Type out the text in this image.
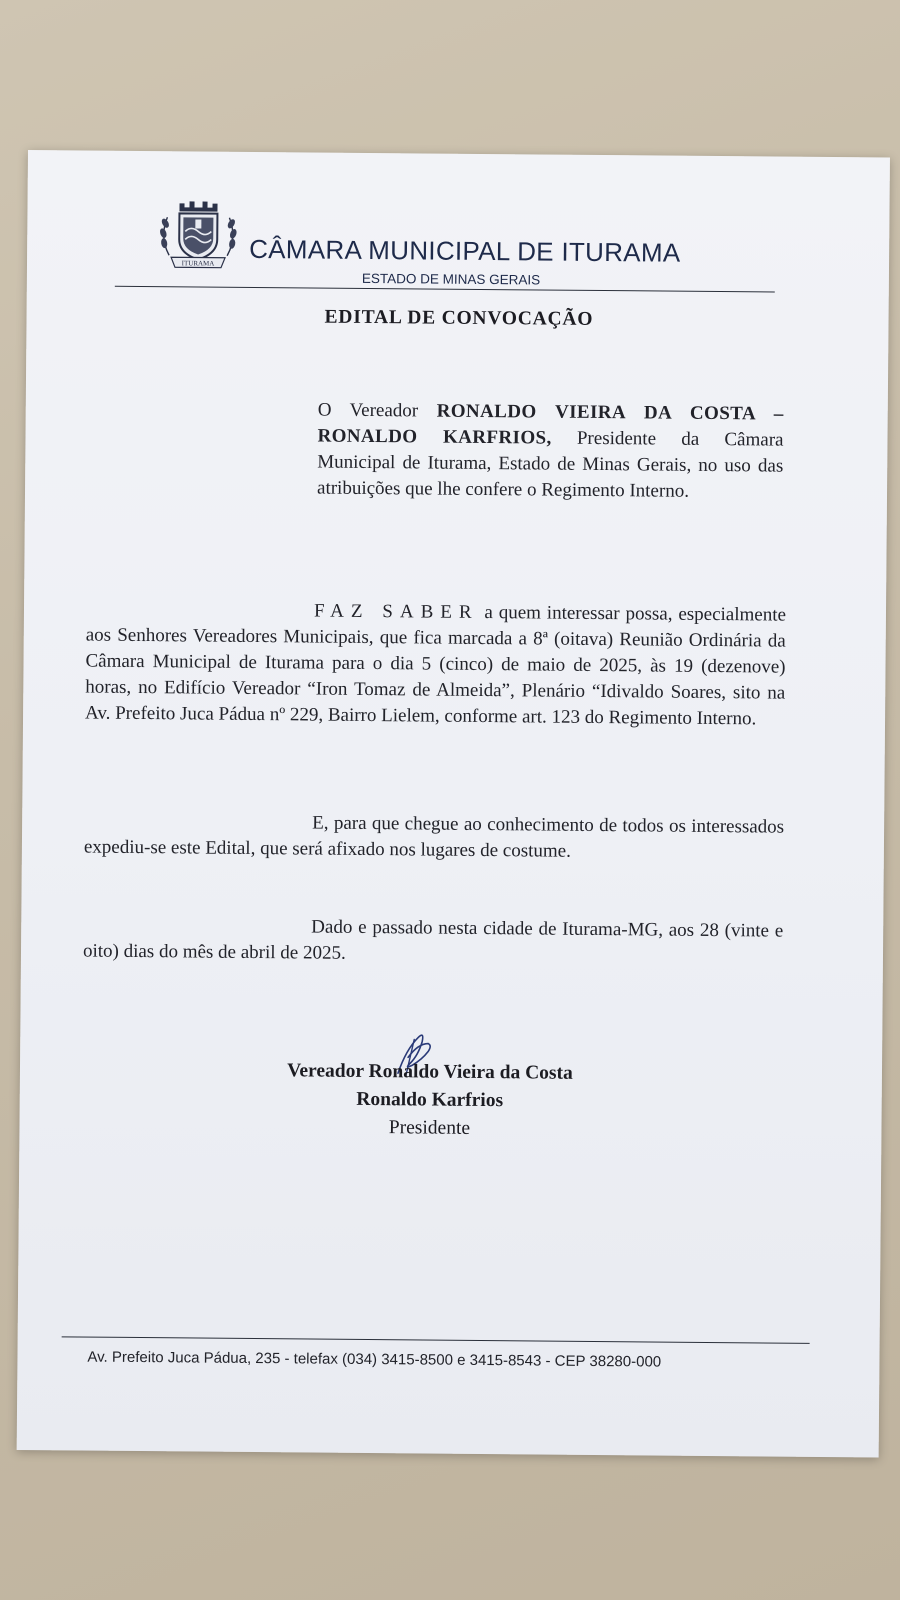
ITURAMA CÂMARA MUNICIPAL DE ITURAMA
ESTADO DE MINAS GERAIS
EDITAL DE CONVOCAÇÃO
O Vereador RONALDO VIEIRA DA COSTA – RONALDO KARFRIOS, Presidente da Câmara Municipal de Iturama, Estado de Minas Gerais, no uso das atribuições que lhe confere o Regimento Interno.
FAZ SABER a quem interessar possa, especialmente aos Senhores Vereadores Municipais, que fica marcada a 8ª (oitava) Reunião Ordinária da Câmara Municipal de Iturama para o dia 5 (cinco) de maio de 2025, às 19 (dezenove) horas, no Edifício Vereador “Iron Tomaz de Almeida”, Plenário “Idivaldo Soares, sito na Av. Prefeito Juca Pádua nº 229, Bairro Lielem, conforme art. 123 do Regimento Interno.
E, para que chegue ao conhecimento de todos os interessados expediu-se este Edital, que será afixado nos lugares de costume.
Dado e passado nesta cidade de Iturama-MG, aos 28 (vinte e oito) dias do mês de abril de 2025.
Vereador Ronaldo Vieira da Costa
Ronaldo Karfrios
Presidente
Av. Prefeito Juca Pádua, 235 - telefax (034) 3415-8500 e 3415-8543 - CEP 38280-000
